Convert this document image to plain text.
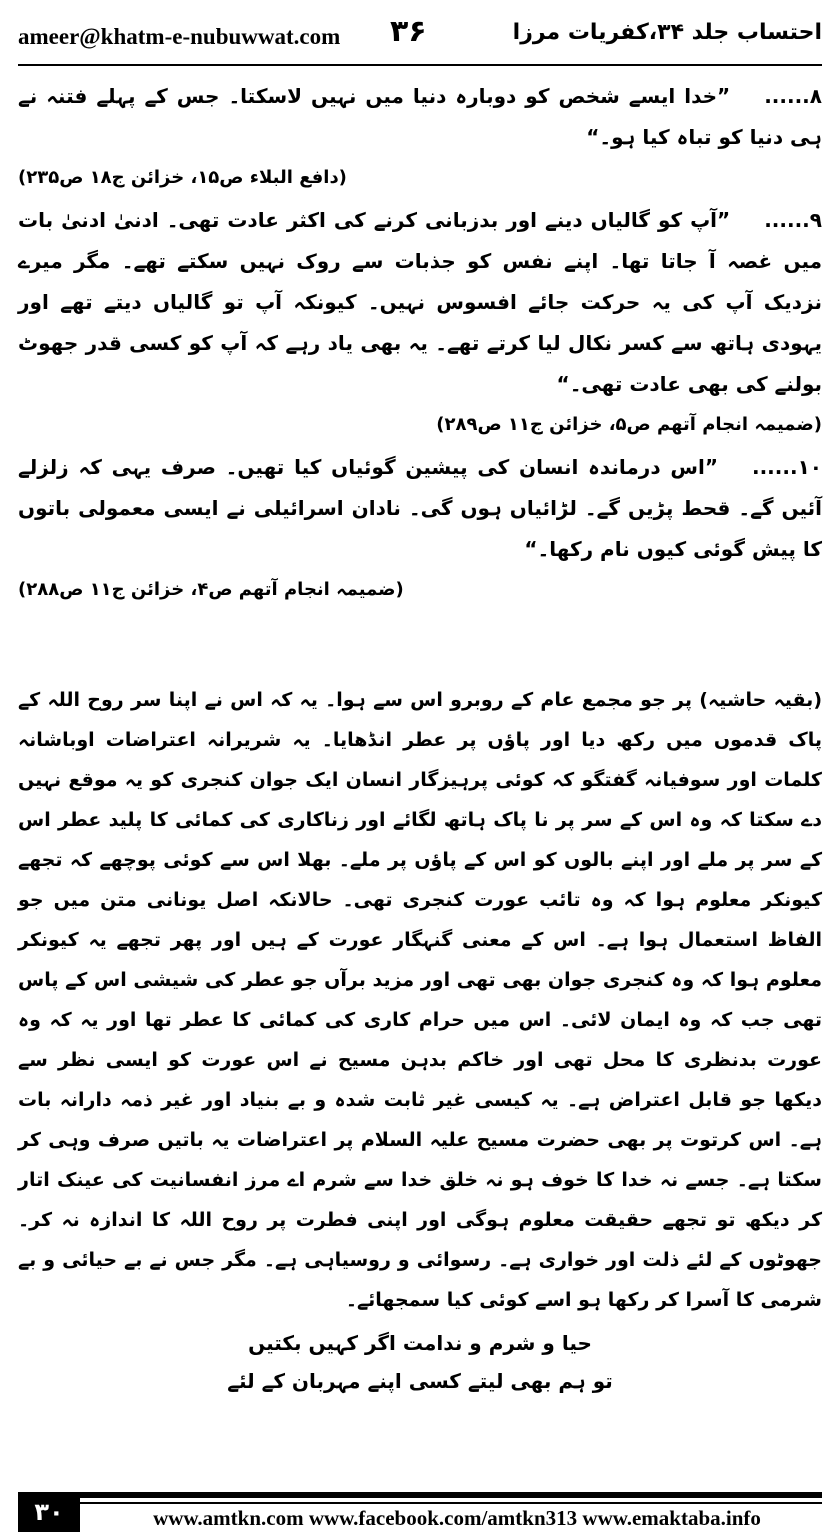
ameer@khatm-e-nubuwwat.com ۳۶	احتساب جلد ۳۴،کفریات مرزا

۸......”خدا ایسے شخص کو دوبارہ دنیا میں نہیں لاسکتا۔ جس کے پہلے فتنہ نے ہی دنیا کو تباہ کیا ہو۔“
(دافع البلاء ص۱۵، خزائن ج۱۸ ص۲۳۵)

۹......”آپ کو گالیاں دینے اور بدزبانی کرنے کی اکثر عادت تھی۔ ادنیٰ ادنیٰ بات میں غصہ آ جاتا تھا۔ اپنے نفس کو جذبات سے روک نہیں سکتے تھے۔ مگر میرے نزدیک آپ کی یہ حرکت جائے افسوس نہیں۔ کیونکہ آپ تو گالیاں دیتے تھے اور یہودی ہاتھ سے کسر نکال لیا کرتے تھے۔ یہ بھی یاد رہے کہ آپ کو کسی قدر جھوٹ بولنے کی بھی عادت تھی۔“
(ضمیمہ انجام آتھم ص۵، خزائن ج۱۱ ص۲۸۹)

۱۰......”اس درماندہ انسان کی پیشین گوئیاں کیا تھیں۔ صرف یہی کہ زلزلے آئیں گے۔ قحط پڑیں گے۔ لڑائیاں ہوں گی۔ نادان اسرائیلی نے ایسی معمولی باتوں کا پیش گوئی کیوں نام رکھا۔“
(ضمیمہ انجام آتھم ص۴، خزائن ج۱۱ ص۲۸۸)

(بقیہ حاشیہ) پر جو مجمع عام کے روبرو اس سے ہوا۔ یہ کہ اس نے اپنا سر روح اللہ کے پاک قدموں میں رکھ دیا اور پاؤں پر عطر انڈھایا۔ یہ شریرانہ اعتراضات اوباشانہ کلمات اور سوفیانہ گفتگو کہ کوئی پرہیزگار انسان ایک جوان کنجری کو یہ موقع نہیں دے سکتا کہ وہ اس کے سر پر نا پاک ہاتھ لگائے اور زناکاری کی کمائی کا پلید عطر اس کے سر پر ملے اور اپنے بالوں کو اس کے پاؤں پر ملے۔ بھلا اس سے کوئی پوچھے کہ تجھے کیونکر معلوم ہوا کہ وہ تائب عورت کنجری تھی۔ حالانکہ اصل یونانی متن میں جو الفاظ استعمال ہوا ہے۔ اس کے معنی گنہگار عورت کے ہیں اور پھر تجھے یہ کیونکر معلوم ہوا کہ وہ کنجری جوان بھی تھی اور مزید برآں جو عطر کی شیشی اس کے پاس تھی جب کہ وہ ایمان لائی۔ اس میں حرام کاری کی کمائی کا عطر تھا اور یہ کہ وہ عورت بدنظری کا محل تھی اور خاکم بدہن مسیح نے اس عورت کو ایسی نظر سے دیکھا جو قابل اعتراض ہے۔ یہ کیسی غیر ثابت شدہ و بے بنیاد اور غیر ذمہ دارانہ بات ہے۔ اس کرتوت پر بھی حضرت مسیح علیہ السلام پر اعتراضات یہ باتیں صرف وہی کر سکتا ہے۔ جسے نہ خدا کا خوف ہو نہ خلق خدا سے شرم اے مرز انفسانیت کی عینک اتار کر دیکھ تو تجھے حقیقت معلوم ہوگی اور اپنی فطرت پر روح اللہ کا اندازہ نہ کر۔ جھوٹوں کے لئے ذلت اور خواری ہے۔ رسوائی و روسیاہی ہے۔ مگر جس نے بے حیائی و بے شرمی کا آسرا کر رکھا ہو اسے کوئی کیا سمجھائے۔
حیا و شرم و ندامت اگر کہیں بکتیں
تو ہم بھی لیتے کسی اپنے مہربان کے لئے
۳۰	www.amtkn.com www.facebook.com/amtkn313 www.emaktaba.info
